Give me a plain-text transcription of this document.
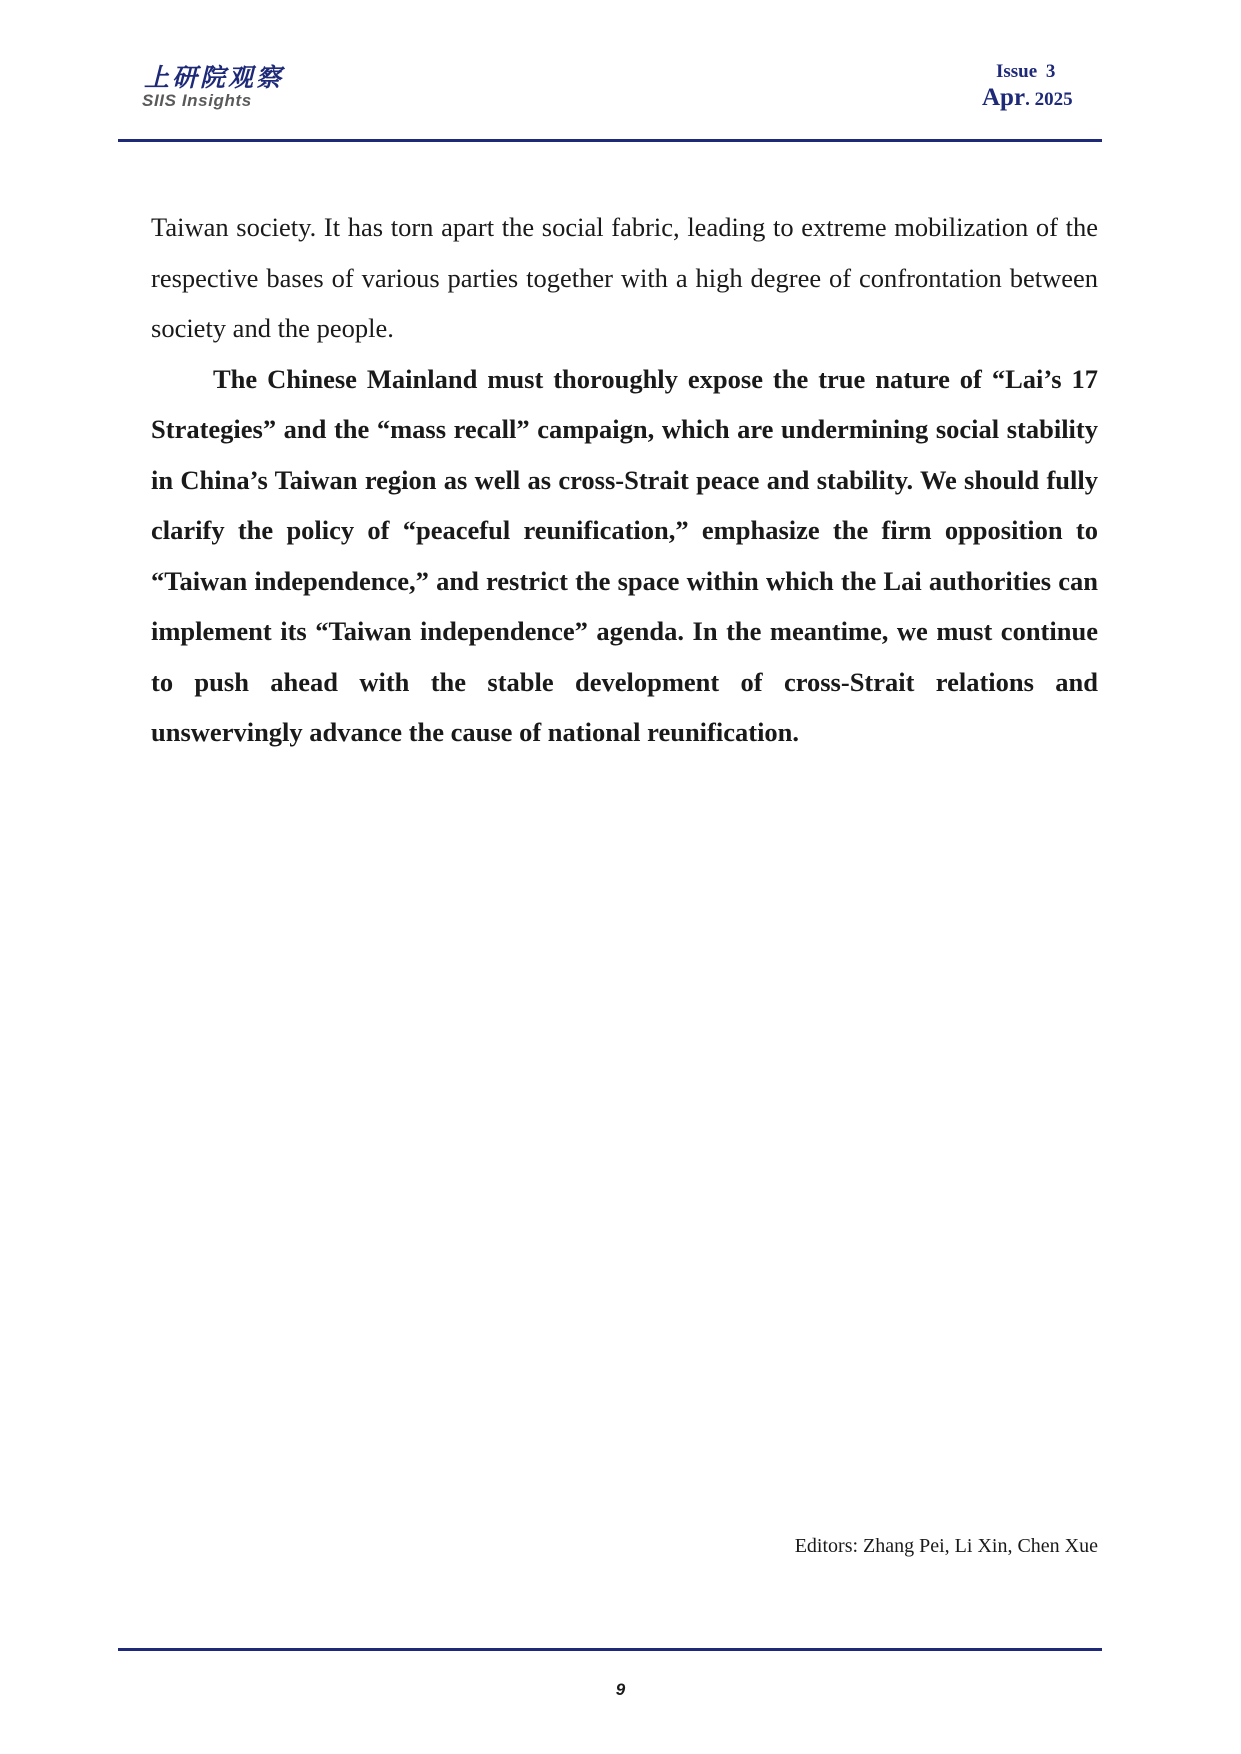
上研院观察
SIIS Insights
Issue 3
Apr. 2025

Taiwan society. It has torn apart the social fabric, leading to extreme mobilization of the respective bases of various parties together with a high degree of confrontation between society and the people.

The Chinese Mainland must thoroughly expose the true nature of “Lai’s 17 Strategies” and the “mass recall” campaign, which are undermining social stability in China’s Taiwan region as well as cross-Strait peace and stability. We should fully clarify the policy of “peaceful reunification,” emphasize the firm opposition to “Taiwan independence,” and restrict the space within which the Lai authorities can implement its “Taiwan independence” agenda. In the meantime, we must continue to push ahead with the stable development of cross-Strait relations and unswervingly advance the cause of national reunification.

Editors: Zhang Pei, Li Xin, Chen Xue
9
